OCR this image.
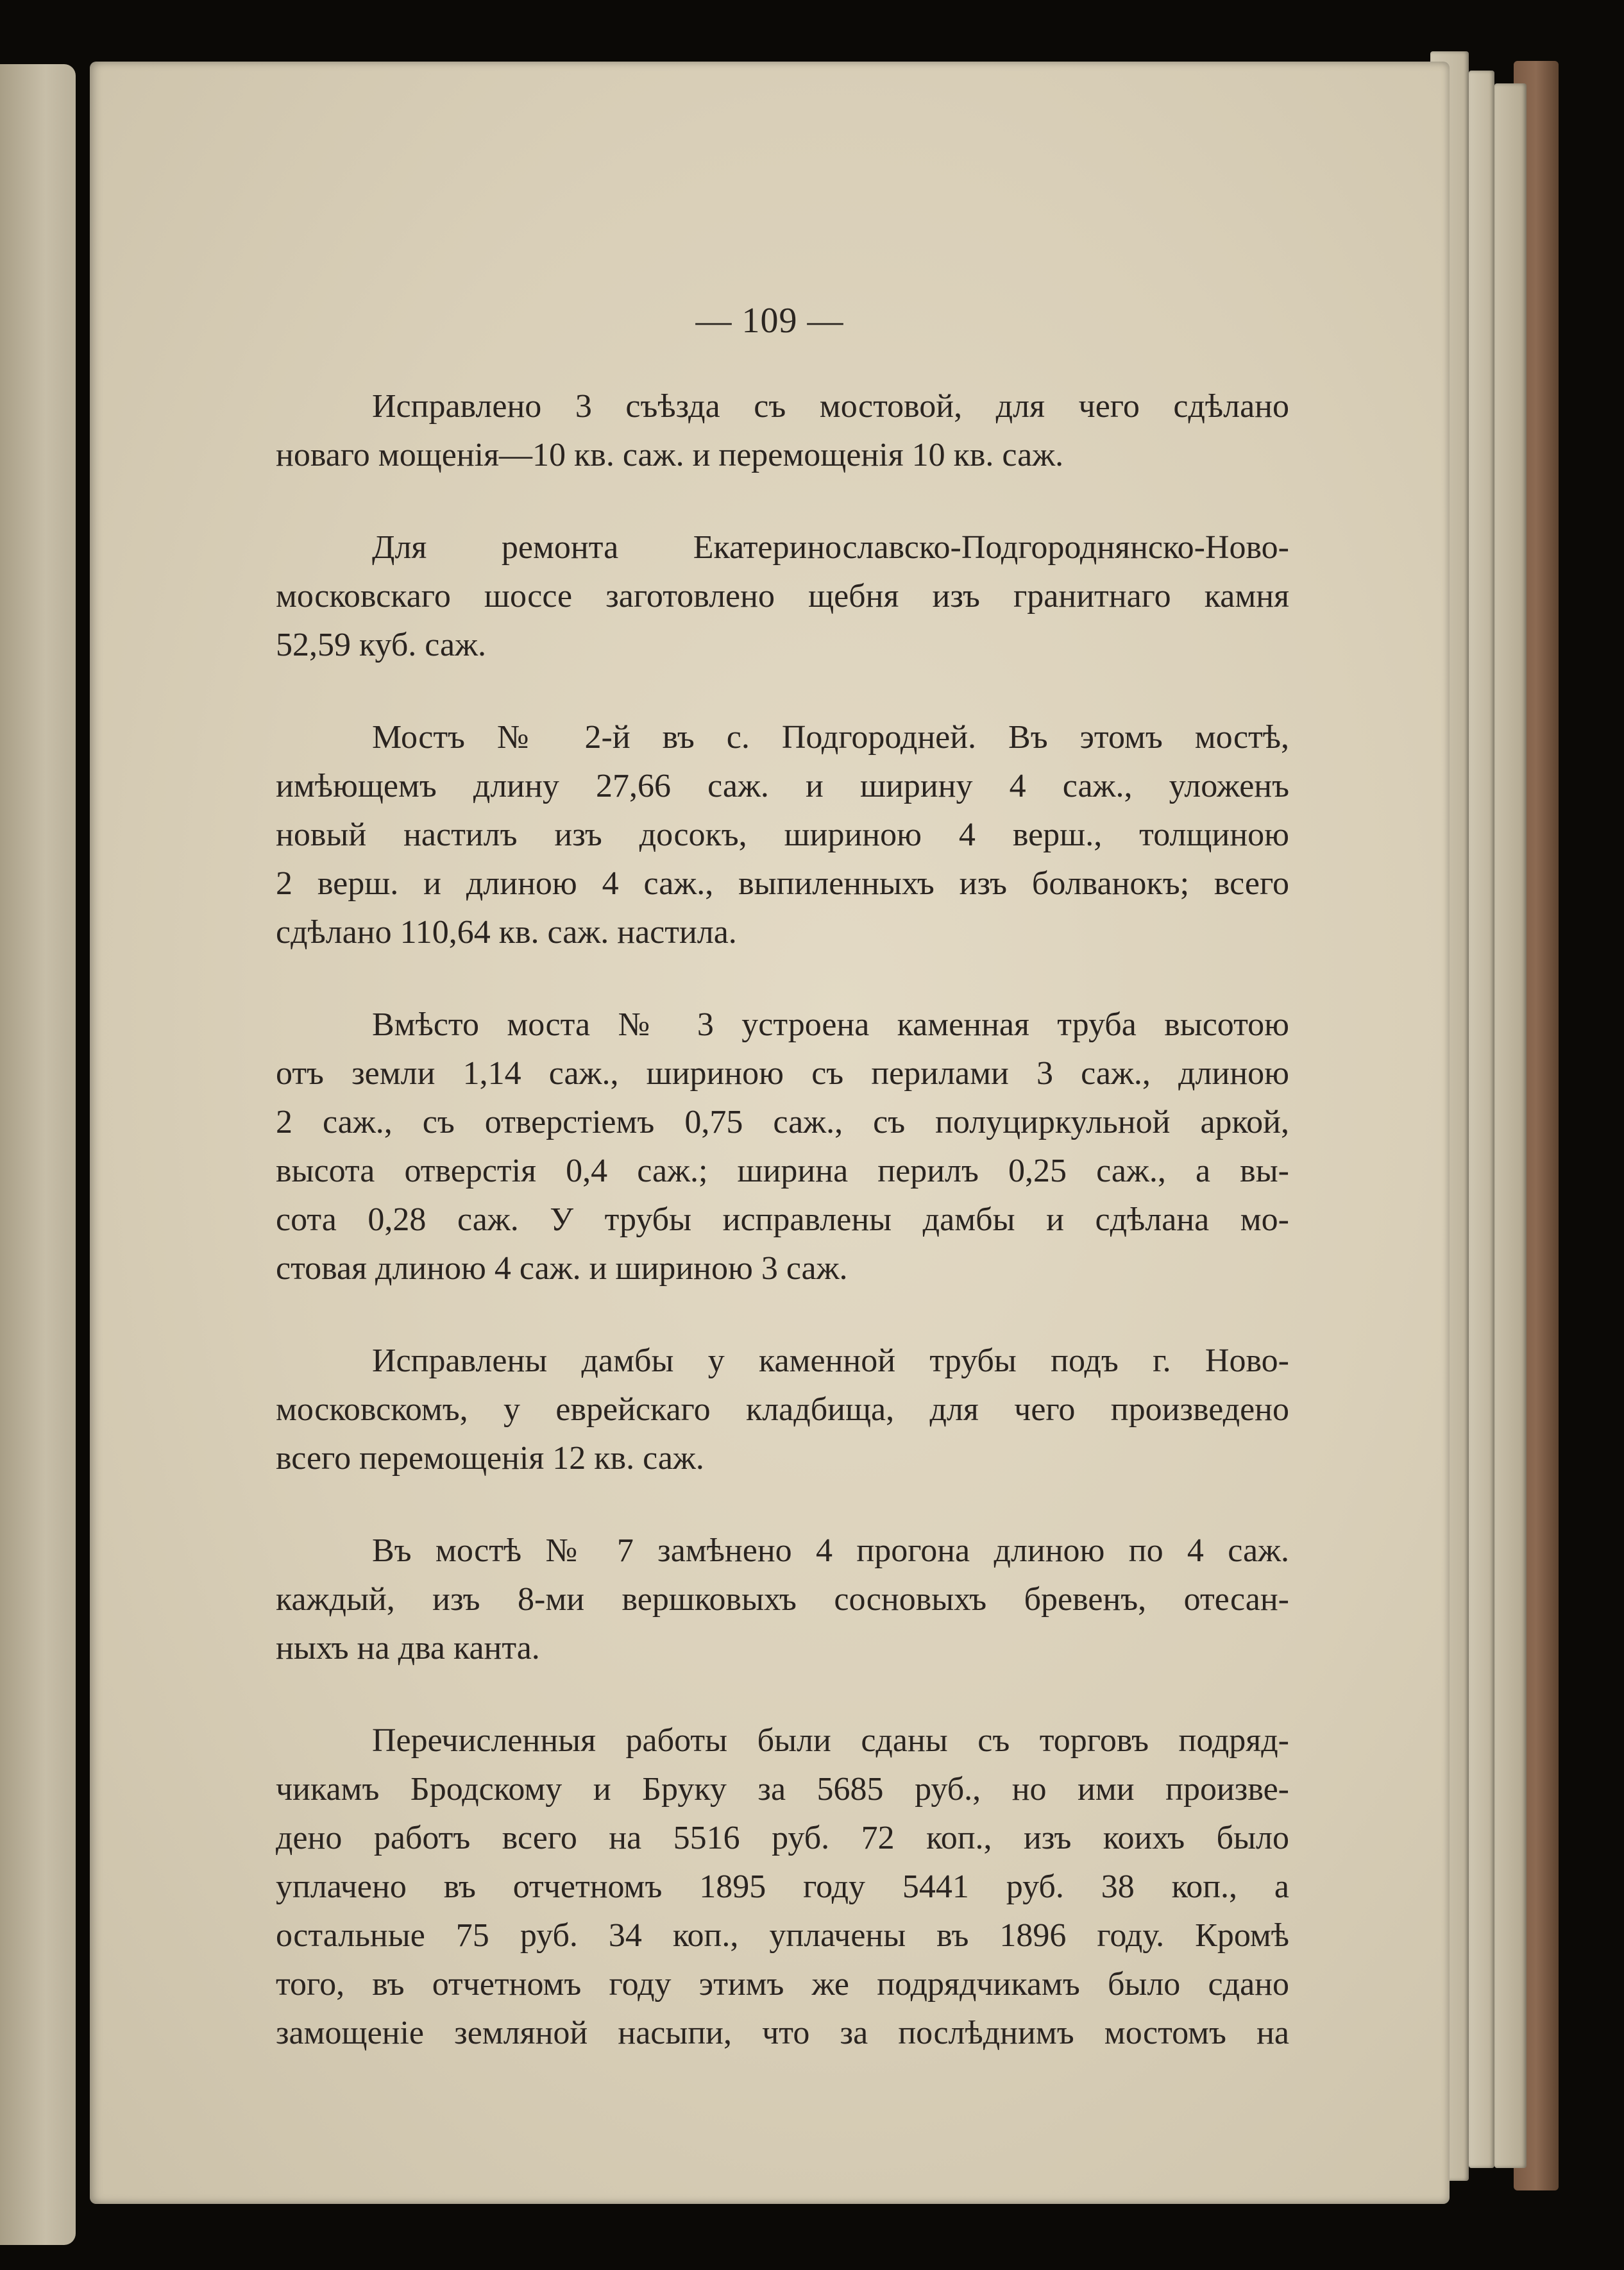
— 109 —
Исправлено 3 съѣзда съ мостовой, для чего сдѣлано
новаго мощенія—10 кв. саж. и перемощенія 10 кв. саж.
Для ремонта Екатеринославско-Подгороднянско-Ново-
московскаго шоссе заготовлено щебня изъ гранитнаго камня
52,59 куб. саж.
Мостъ № 2-й въ с. Подгородней. Въ этомъ мостѣ,
имѣющемъ длину 27,66 саж. и ширину 4 саж., уложенъ
новый настилъ изъ досокъ, шириною 4 верш., толщиною
2 верш. и длиною 4 саж., выпиленныхъ изъ болванокъ; всего
сдѣлано 110,64 кв. саж. настила.
Вмѣсто моста № 3 устроена каменная труба высотою
отъ земли 1,14 саж., шириною съ перилами 3 саж., длиною
2 саж., съ отверстіемъ 0,75 саж., съ полуциркульной аркой,
высота отверстія 0,4 саж.; ширина перилъ 0,25 саж., а вы-
сота 0,28 саж. У трубы исправлены дамбы и сдѣлана мо-
стовая длиною 4 саж. и шириною 3 саж.
Исправлены дамбы у каменной трубы подъ г. Ново-
московскомъ, у еврейскаго кладбища, для чего произведено
всего перемощенія 12 кв. саж.
Въ мостѣ № 7 замѣнено 4 прогона длиною по 4 саж.
каждый, изъ 8-ми вершковыхъ сосновыхъ бревенъ, отесан-
ныхъ на два канта.
Перечисленныя работы были сданы съ торговъ подряд-
чикамъ Бродскому и Бруку за 5685 руб., но ими произве-
дено работъ всего на 5516 руб. 72 коп., изъ коихъ было
уплачено въ отчетномъ 1895 году 5441 руб. 38 коп., а
остальные 75 руб. 34 коп., уплачены въ 1896 году. Кромѣ
того, въ отчетномъ году этимъ же подрядчикамъ было сдано
замощеніе земляной насыпи, что за послѣднимъ мостомъ на
